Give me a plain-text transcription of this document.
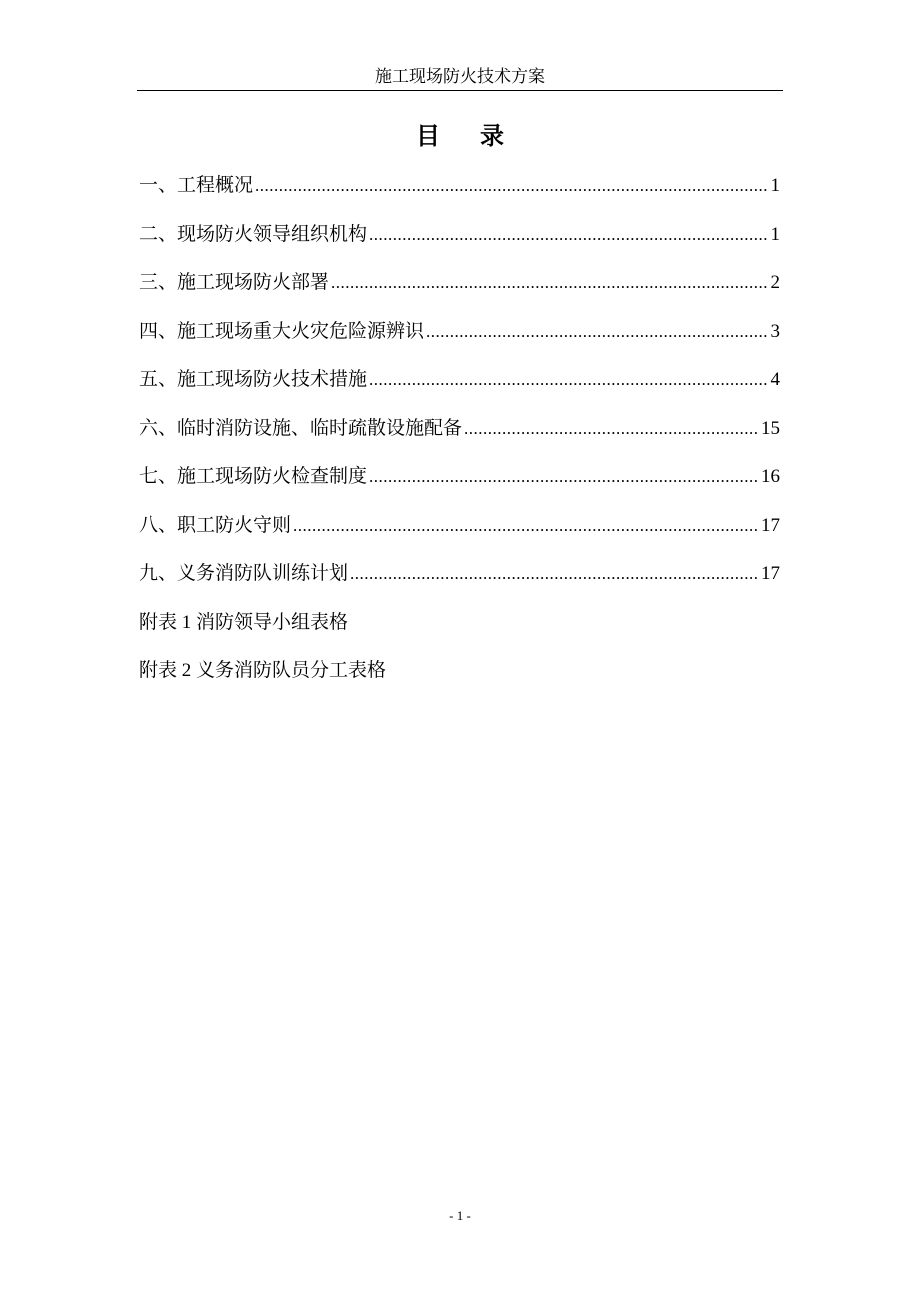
施工现场防火技术方案
目 录
一、工程概况 .....	1
二、现场防火领导组织机构 .....	1
三、施工现场防火部署 .....	2
四、施工现场重大火灾危险源辨识 .....	3
五、施工现场防火技术措施 .....	4
六、临时消防设施、临时疏散设施配备 .....	15
七、施工现场防火检查制度 .....	16
八、职工防火守则 .....	17
九、义务消防队训练计划 .....	17
附表 1 消防领导小组表格
附表 2 义务消防队员分工表格
- 1 -
